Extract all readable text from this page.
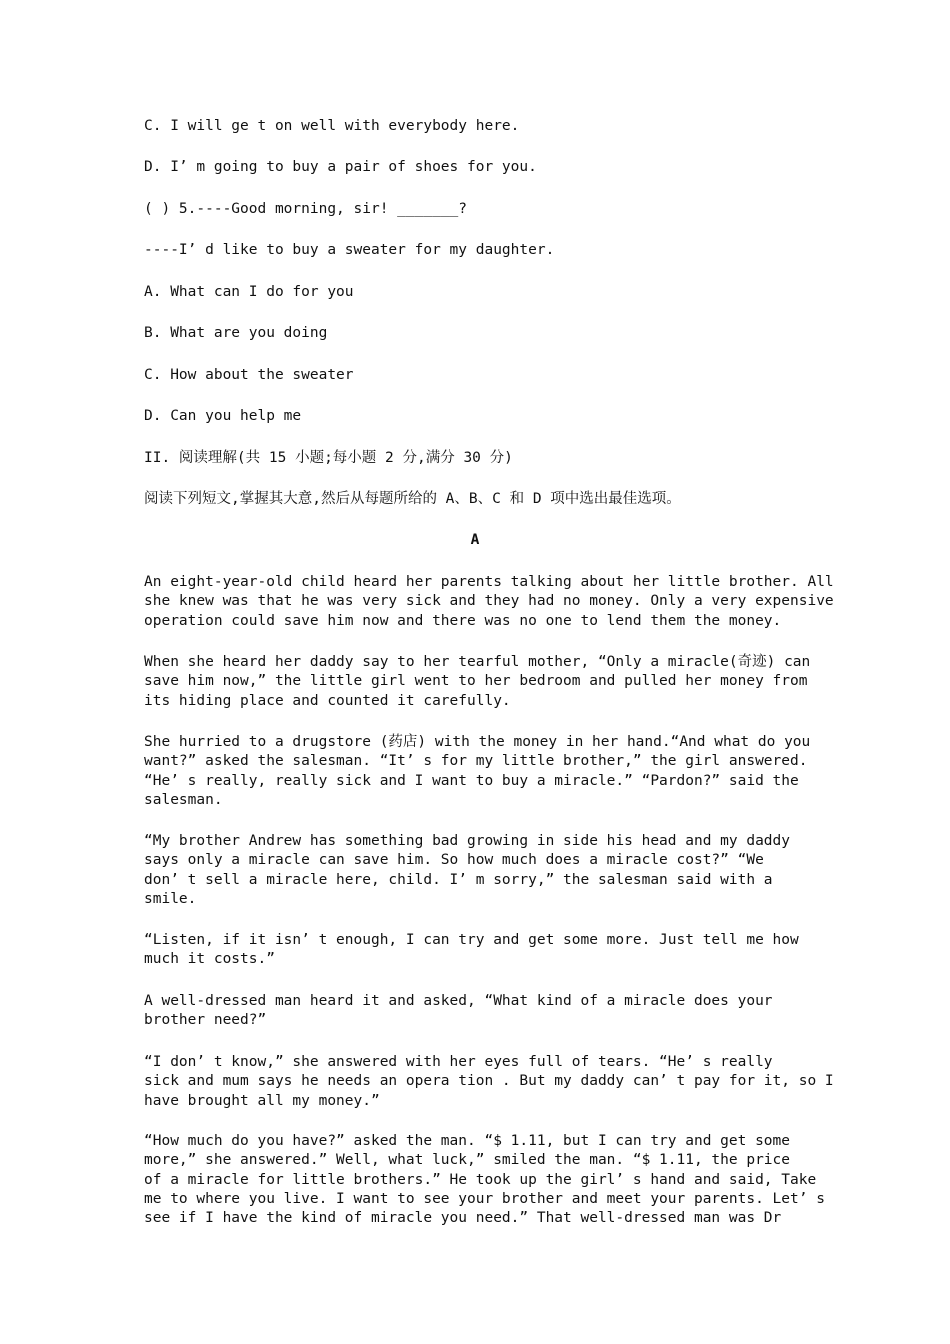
C. I will ge t on well with everybody here.
D. I’ m going to buy a pair of shoes for you.
( ) 5.----Good morning, sir! _______?
----I’ d like to buy a sweater for my daughter.
A. What can I do for you
B. What are you doing
C. How about the sweater
D. Can you help me
II. 阅读理解(共 15 小题;每小题 2 分,满分 30 分)
阅读下列短文,掌握其大意,然后从每题所给的 A、B、C 和 D 项中选出最佳选项。
A
An eight-year-old child heard her parents talking about her little brother. All
she knew was that he was very sick and they had no money. Only a very expensive
operation could save him now and there was no one to lend them the money.
When she heard her daddy say to her tearful mother, “Only a miracle(奇迹) can
save him now,” the little girl went to her bedroom and pulled her money from
its hiding place and counted it carefully.
She hurried to a drugstore (药店) with the money in her hand.“And what do you
want?” asked the salesman. “It’ s for my little brother,” the girl answered.
“He’ s really, really sick and I want to buy a miracle.” “Pardon?” said the
salesman.
“My brother Andrew has something bad growing in side his head and my daddy
says only a miracle can save him. So how much does a miracle cost?” “We
don’ t sell a miracle here, child. I’ m sorry,” the salesman said with a
smile.
“Listen, if it isn’ t enough, I can try and get some more. Just tell me how
much it costs.”
A well-dressed man heard it and asked, “What kind of a miracle does your
brother need?”
“I don’ t know,” she answered with her eyes full of tears. “He’ s really
sick and mum says he needs an opera tion . But my daddy can’ t pay for it, so I
have brought all my money.”
“How much do you have?” asked the man. “$ 1.11, but I can try and get some
more,” she answered.” Well, what luck,” smiled the man. “$ 1.11, the price
of a miracle for little brothers.” He took up the girl’ s hand and said, Take
me to where you live. I want to see your brother and meet your parents. Let’ s
see if I have the kind of miracle you need.” That well-dressed man was Dr
